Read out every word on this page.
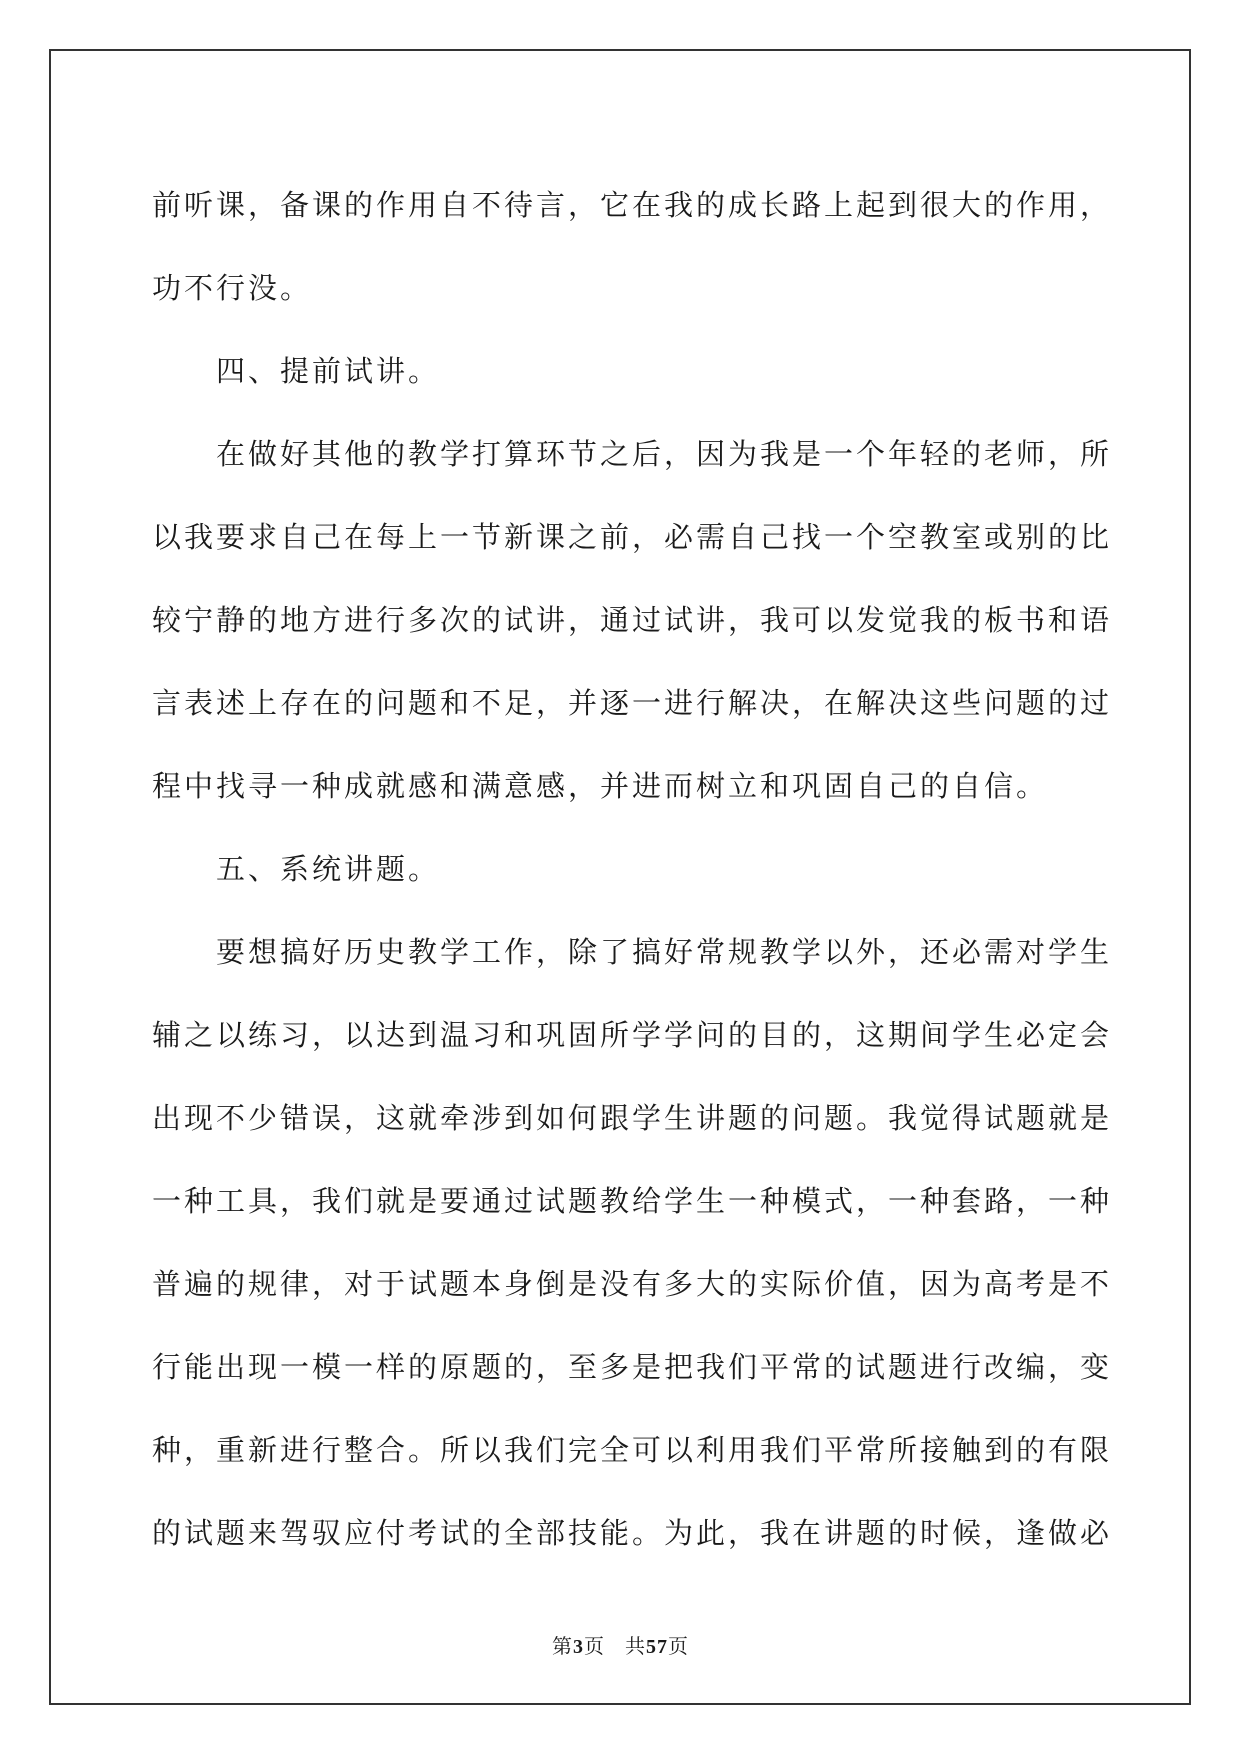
前听课，备课的作用自不待言，它在我的成长路上起到很大的作用，

功不行没。

四、提前试讲。

在做好其他的教学打算环节之后，因为我是一个年轻的老师，所

以我要求自己在每上一节新课之前，必需自己找一个空教室或别的比

较宁静的地方进行多次的试讲，通过试讲，我可以发觉我的板书和语

言表述上存在的问题和不足，并逐一进行解决，在解决这些问题的过

程中找寻一种成就感和满意感，并进而树立和巩固自己的自信。

五、系统讲题。

要想搞好历史教学工作，除了搞好常规教学以外，还必需对学生

辅之以练习，以达到温习和巩固所学学问的目的，这期间学生必定会

出现不少错误，这就牵涉到如何跟学生讲题的问题。我觉得试题就是

一种工具，我们就是要通过试题教给学生一种模式，一种套路，一种

普遍的规律，对于试题本身倒是没有多大的实际价值，因为高考是不

行能出现一模一样的原题的，至多是把我们平常的试题进行改编，变

种，重新进行整合。所以我们完全可以利用我们平常所接触到的有限

的试题来驾驭应付考试的全部技能。为此，我在讲题的时候，逢做必

第3页 共57页
